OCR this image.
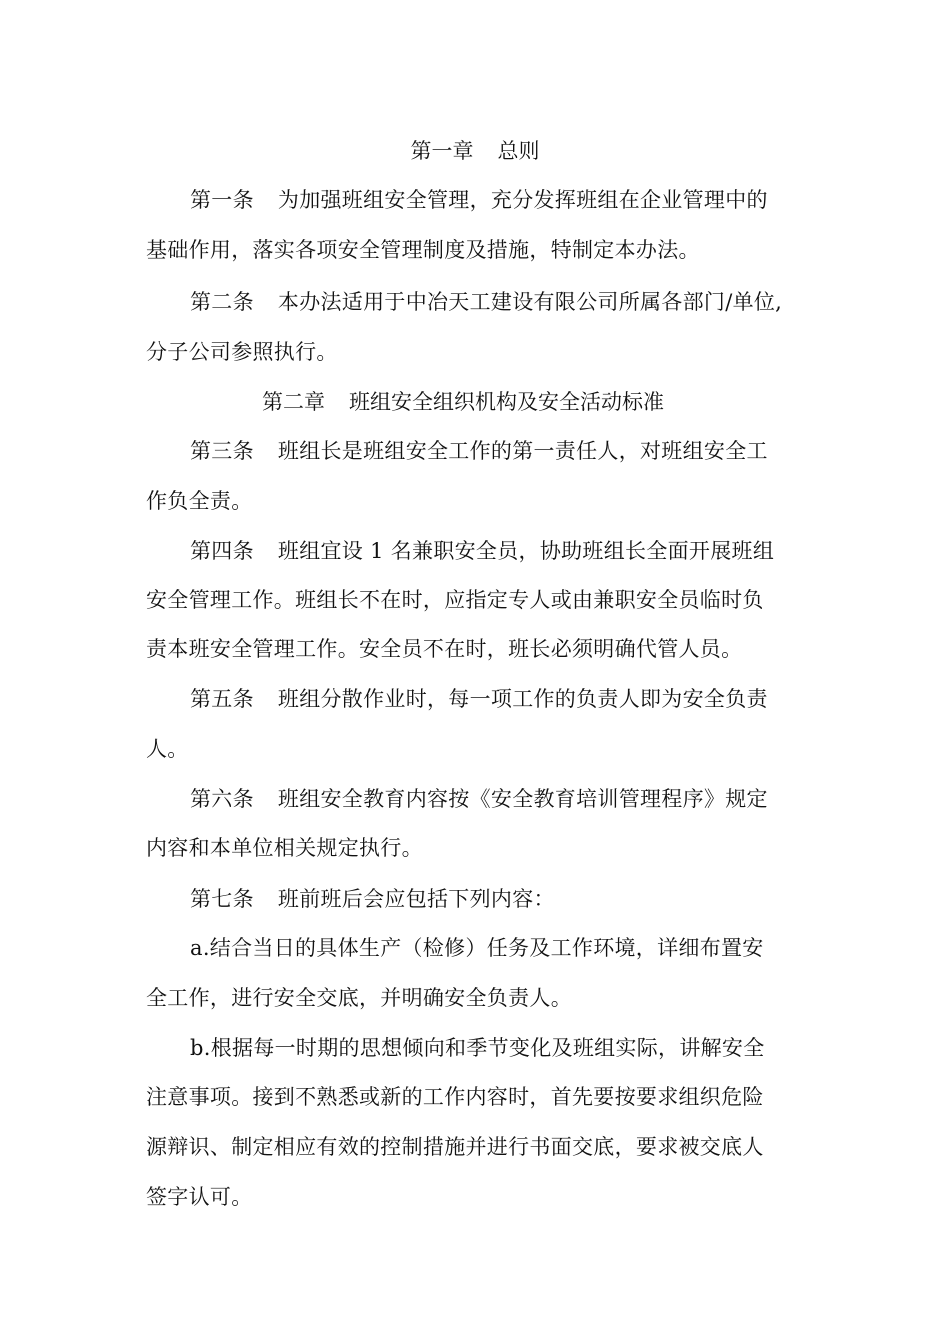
第一章 总则
第一条 为加强班组安全管理，充分发挥班组在企业管理中的
基础作用，落实各项安全管理制度及措施，特制定本办法。
第二条 本办法适用于中冶天工建设有限公司所属各部门/单位,
分子公司参照执行。
第二章 班组安全组织机构及安全活动标准
第三条 班组长是班组安全工作的第一责任人，对班组安全工
作负全责。
第四条 班组宜设 1 名兼职安全员，协助班组长全面开展班组
安全管理工作。班组长不在时，应指定专人或由兼职安全员临时负
责本班安全管理工作。安全员不在时，班长必须明确代管人员。
第五条 班组分散作业时，每一项工作的负责人即为安全负责
人。
第六条 班组安全教育内容按《安全教育培训管理程序》规定
内容和本单位相关规定执行。
第七条 班前班后会应包括下列内容：
a.结合当日的具体生产（检修）任务及工作环境，详细布置安
全工作，进行安全交底，并明确安全负责人。
b.根据每一时期的思想倾向和季节变化及班组实际，讲解安全
注意事项。接到不熟悉或新的工作内容时，首先要按要求组织危险
源辩识、制定相应有效的控制措施并进行书面交底，要求被交底人
签字认可。
